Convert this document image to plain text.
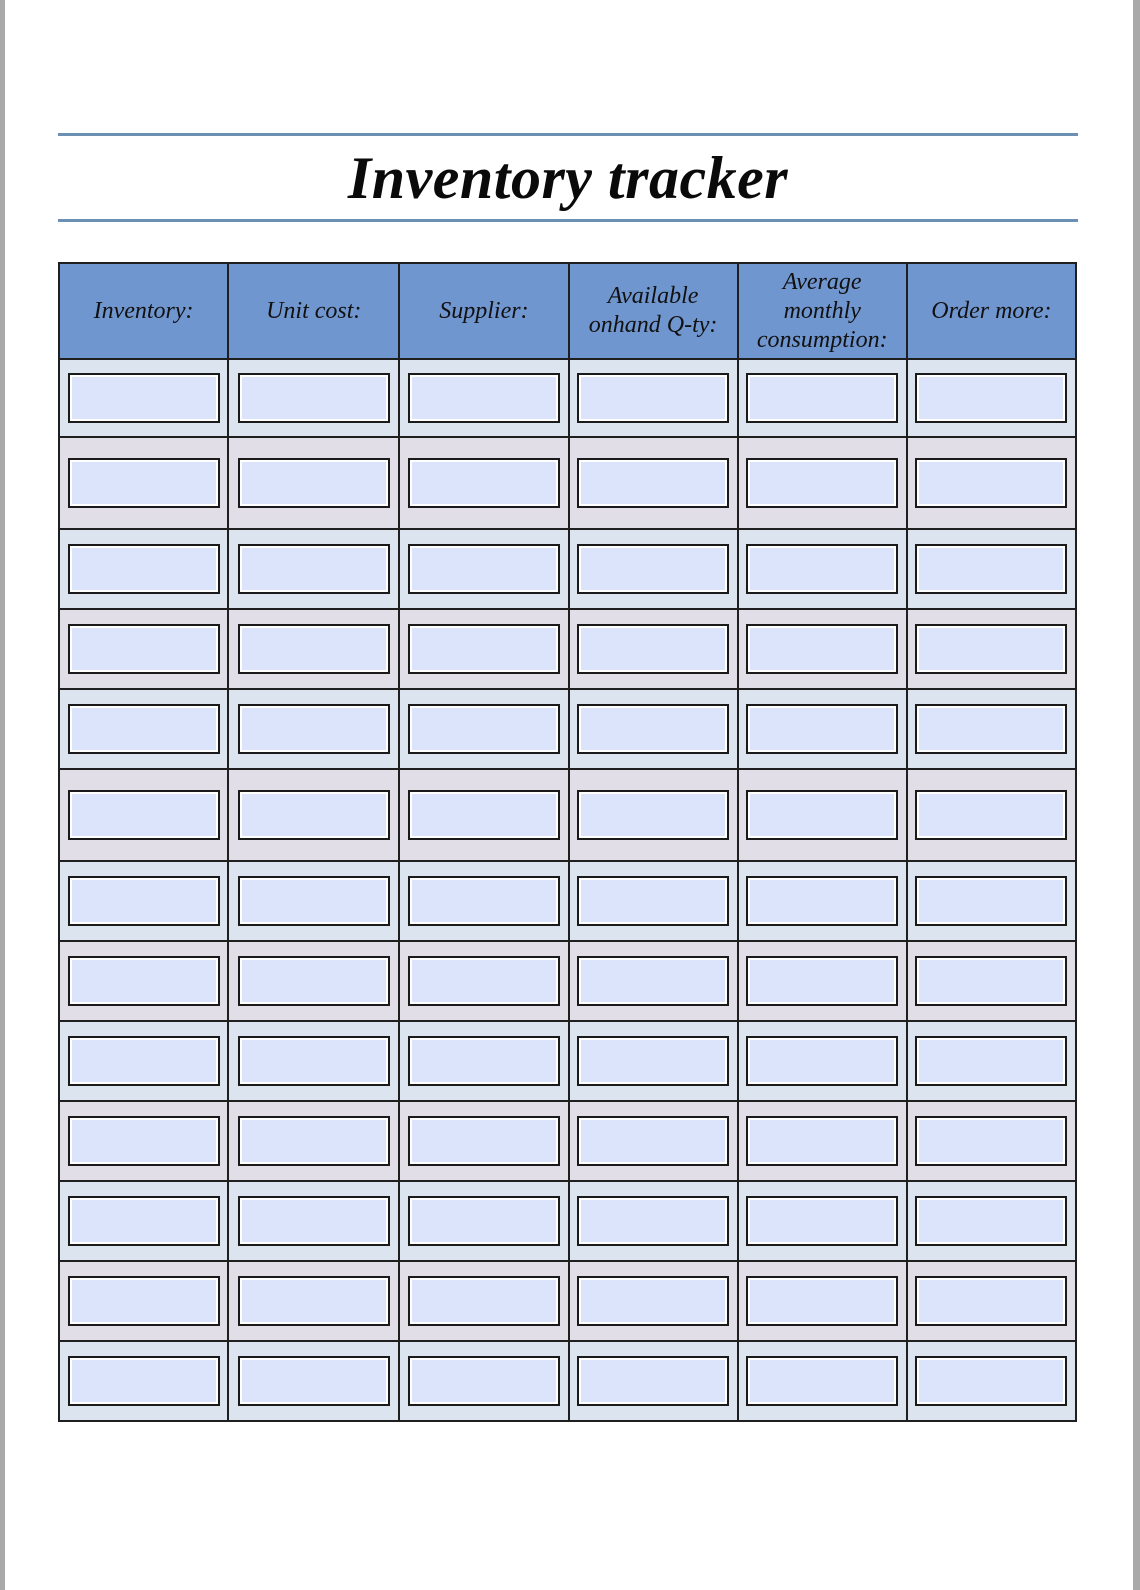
Inventory tracker
Inventory:	Unit cost:	Supplier:	Available onhand Q-ty:	Average monthly consumption:	Order more:
